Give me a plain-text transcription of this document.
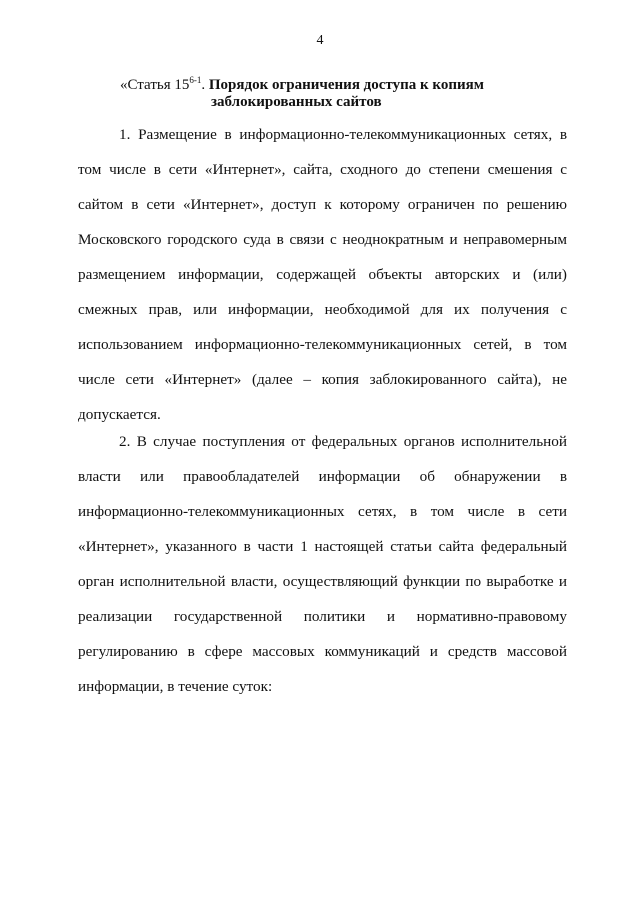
4
«Статья 15$^{6-1}$. Порядок ограничения доступа к копиям
заблокированных сайтов

1. Размещение в информационно-телекоммуникационных сетях, в том числе в сети «Интернет», сайта, сходного до степени смешения с сайтом в сети «Интернет», доступ к которому ограничен по решению Московского городского суда в связи с неоднократным и неправомерным размещением информации, содержащей объекты авторских и (или) смежных прав, или информации, необходимой для их получения с использованием информационно-телекоммуникационных сетей, в том числе сети «Интернет» (далее – копия заблокированного сайта), не допускается.

2. В случае поступления от федеральных органов исполнительной власти или правообладателей информации об обнаружении в информационно-телекоммуникационных сетях, в том числе в сети «Интернет», указанного в части 1 настоящей статьи сайта федеральный орган исполнительной власти, осуществляющий функции по выработке и реализации государственной политики и нормативно-правовому регулированию в сфере массовых коммуникаций и средств массовой информации, в течение суток:
